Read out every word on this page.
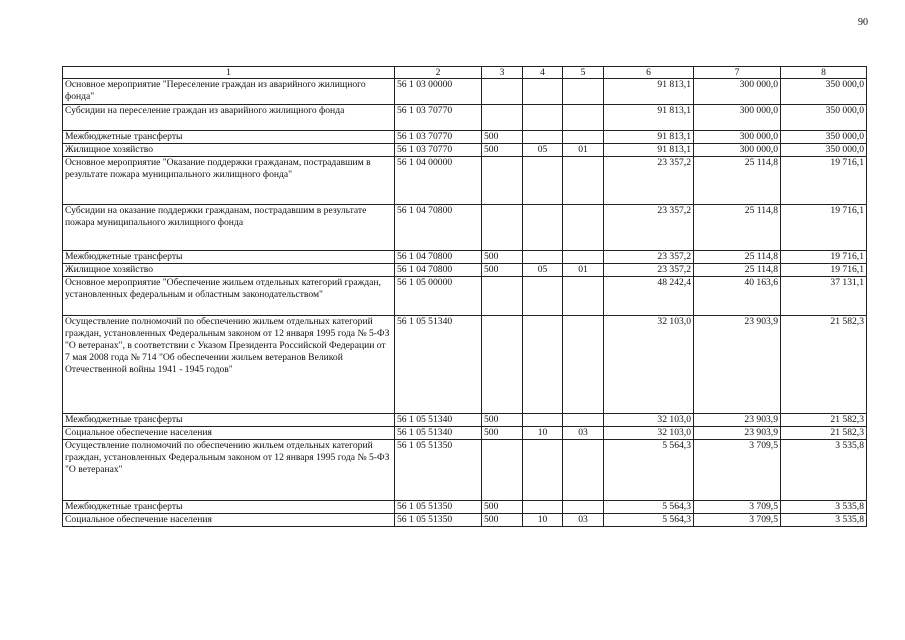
90
1	2	3	4	5	6	7	8
Основное мероприятие "Переселение граждан из аварийного жилищного фонда"	56 1 03 00000				91 813,1	300 000,0	350 000,0
Субсидии на переселение граждан из аварийного жилищного фонда	56 1 03 70770				91 813,1	300 000,0	350 000,0
Межбюджетные трансферты	56 1 03 70770	500			91 813,1	300 000,0	350 000,0
Жилищное хозяйство	56 1 03 70770	500	05	01	91 813,1	300 000,0	350 000,0
Основное мероприятие "Оказание поддержки гражданам, пострадавшим в результате пожара муниципального жилищного фонда"	56 1 04 00000				23 357,2	25 114,8	19 716,1
Субсидии на оказание поддержки гражданам, пострадавшим в результате пожара муниципального жилищного фонда	56 1 04 70800				23 357,2	25 114,8	19 716,1
Межбюджетные трансферты	56 1 04 70800	500			23 357,2	25 114,8	19 716,1
Жилищное хозяйство	56 1 04 70800	500	05	01	23 357,2	25 114,8	19 716,1
Основное мероприятие "Обеспечение жильем отдельных категорий граждан, установленных федеральным и областным законодательством"	56 1 05 00000				48 242,4	40 163,6	37 131,1
Осуществление полномочий по обеспечению жильем отдельных категорий граждан, установленных Федеральным законом от 12 января 1995 года № 5-ФЗ "О ветеранах", в соответствии с Указом Президента Российской Федерации от 7 мая 2008 года № 714 "Об обеспечении жильем ветеранов Великой Отечественной войны 1941 - 1945 годов"	56 1 05 51340				32 103,0	23 903,9	21 582,3
Межбюджетные трансферты	56 1 05 51340	500			32 103,0	23 903,9	21 582,3
Социальное обеспечение населения	56 1 05 51340	500	10	03	32 103,0	23 903,9	21 582,3
Осуществление полномочий по обеспечению жильем отдельных категорий граждан, установленных Федеральным законом от 12 января 1995 года № 5-ФЗ "О ветеранах"	56 1 05 51350				5 564,3	3 709,5	3 535,8
Межбюджетные трансферты	56 1 05 51350	500			5 564,3	3 709,5	3 535,8
Социальное обеспечение населения	56 1 05 51350	500	10	03	5 564,3	3 709,5	3 535,8
